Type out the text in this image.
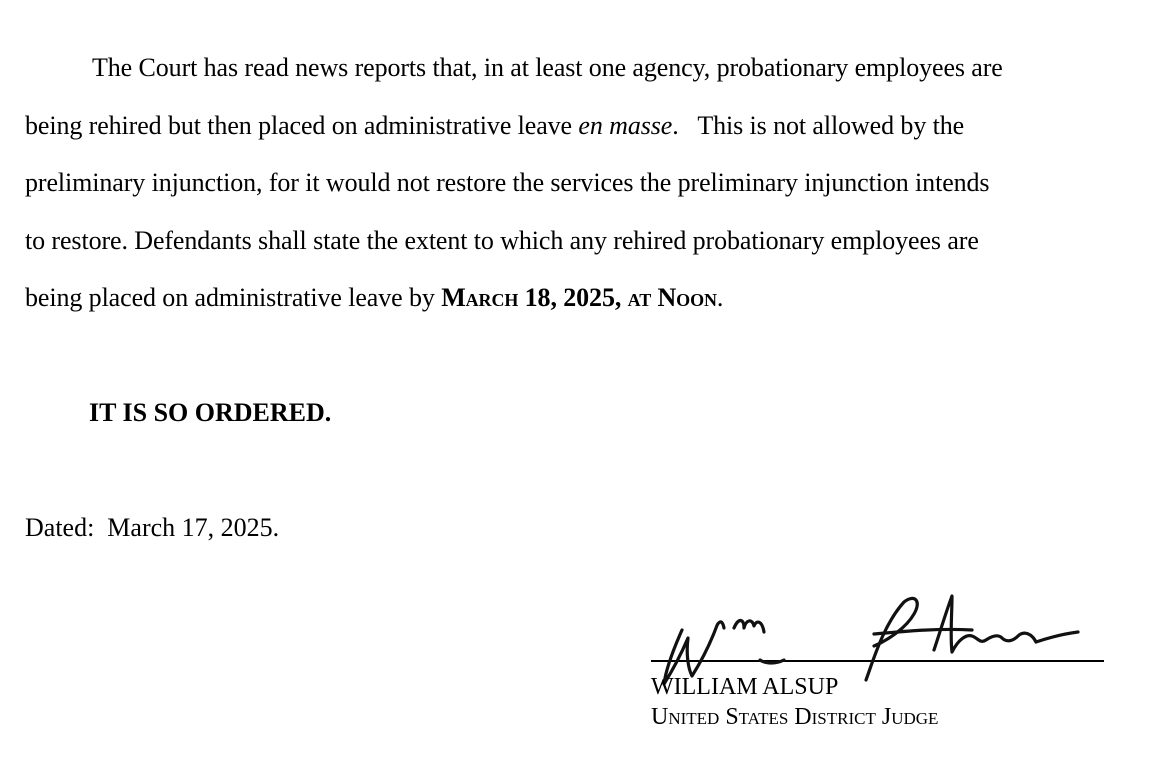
The Court has read news reports that, in at least one agency, probationary employees are
being rehired but then placed on administrative leave en masse.   This is not allowed by the
preliminary injunction, for it would not restore the services the preliminary injunction intends
to restore. Defendants shall state the extent to which any rehired probationary employees are
being placed on administrative leave by March 18, 2025, at Noon.
IT IS SO ORDERED.
Dated:  March 17, 2025.
WILLIAM ALSUP
United States District Judge
